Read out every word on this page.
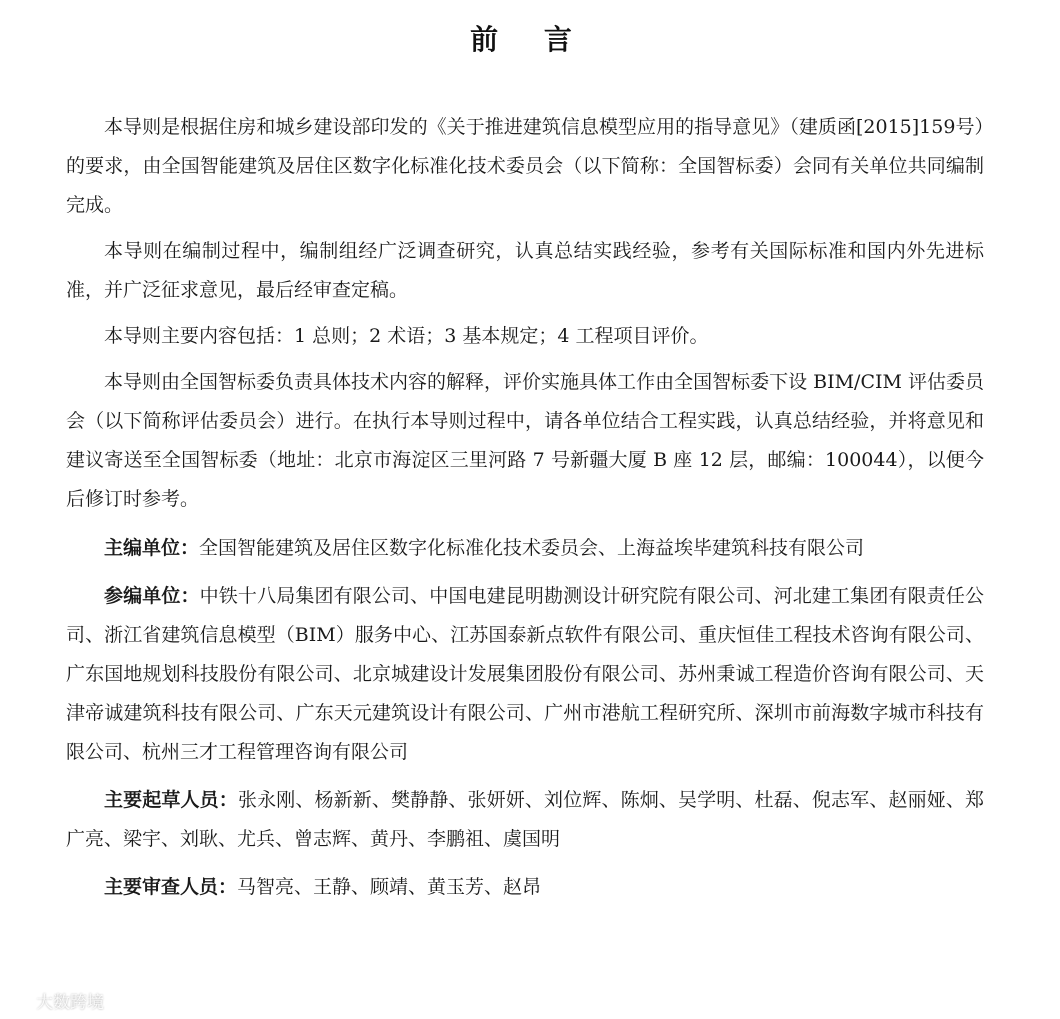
前 言

本导则是根据住房和城乡建设部印发的《关于推进建筑信息模型应用的指导意见》（建质函[2015]159号）的要求，由全国智能建筑及居住区数字化标准化技术委员会（以下简称：全国智标委）会同有关单位共同编制完成。

本导则在编制过程中，编制组经广泛调查研究，认真总结实践经验，参考有关国际标准和国内外先进标准，并广泛征求意见，最后经审查定稿。

本导则主要内容包括：1 总则；2 术语；3 基本规定；4 工程项目评价。

本导则由全国智标委负责具体技术内容的解释，评价实施具体工作由全国智标委下设 BIM/CIM 评估委员会（以下简称评估委员会）进行。在执行本导则过程中，请各单位结合工程实践，认真总结经验，并将意见和建议寄送至全国智标委（地址：北京市海淀区三里河路 7 号新疆大厦 B 座 12 层，邮编：100044），以便今后修订时参考。

主编单位：全国智能建筑及居住区数字化标准化技术委员会、上海益埃毕建筑科技有限公司

参编单位：中铁十八局集团有限公司、中国电建昆明勘测设计研究院有限公司、河北建工集团有限责任公司、浙江省建筑信息模型（BIM）服务中心、江苏国泰新点软件有限公司、重庆恒佳工程技术咨询有限公司、广东国地规划科技股份有限公司、北京城建设计发展集团股份有限公司、苏州秉诚工程造价咨询有限公司、天津帝诚建筑科技有限公司、广东天元建筑设计有限公司、广州市港航工程研究所、深圳市前海数字城市科技有限公司、杭州三才工程管理咨询有限公司

主要起草人员：张永刚、杨新新、樊静静、张妍妍、刘位辉、陈炯、吴学明、杜磊、倪志军、赵丽娅、郑广亮、梁宇、刘耿、尤兵、曾志辉、黄丹、李鹏祖、虞国明

主要审查人员：马智亮、王静、顾靖、黄玉芳、赵昂

大数跨境
